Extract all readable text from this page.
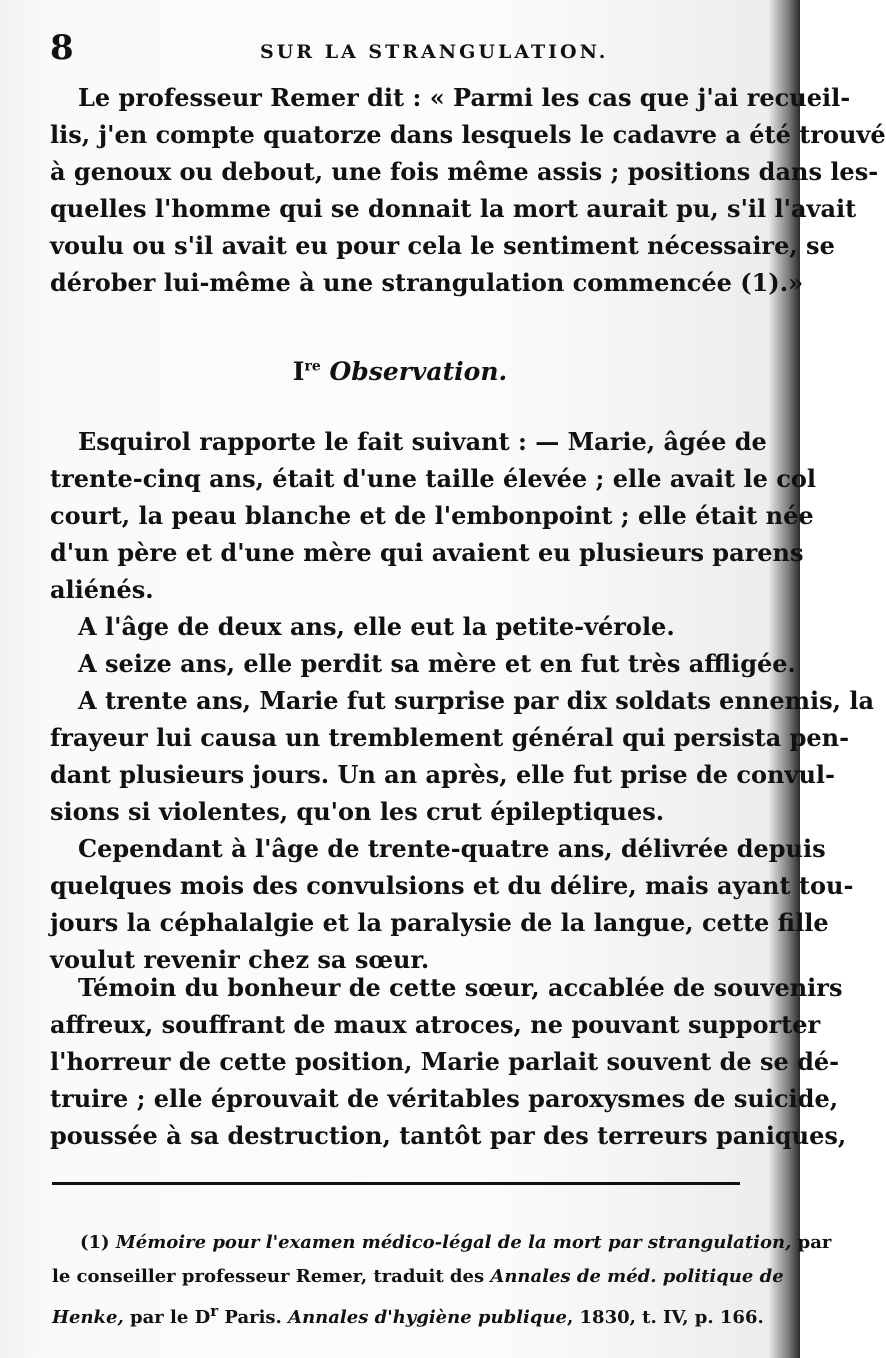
8	SUR LA STRANGULATION.
Le professeur Remer dit : « Parmi les cas que j'ai recueil-
lis, j'en compte quatorze dans lesquels le cadavre a été trouvé
à genoux ou debout, une fois même assis ; positions dans les-
quelles l'homme qui se donnait la mort aurait pu, s'il l'avait
voulu ou s'il avait eu pour cela le sentiment nécessaire, se
dérober lui-même à une strangulation commencée (1).»
Ire Observation.
Esquirol rapporte le fait suivant : — Marie, âgée de
trente-cinq ans, était d'une taille élevée ; elle avait le col
court, la peau blanche et de l'embonpoint ; elle était née
d'un père et d'une mère qui avaient eu plusieurs parens
aliénés.
A l'âge de deux ans, elle eut la petite-vérole.
A seize ans, elle perdit sa mère et en fut très affligée.
A trente ans, Marie fut surprise par dix soldats ennemis, la
frayeur lui causa un tremblement général qui persista pen-
dant plusieurs jours. Un an après, elle fut prise de convul-
sions si violentes, qu'on les crut épileptiques.
Cependant à l'âge de trente-quatre ans, délivrée depuis
quelques mois des convulsions et du délire, mais ayant tou-
jours la céphalalgie et la paralysie de la langue, cette fille
voulut revenir chez sa sœur.
Témoin du bonheur de cette sœur, accablée de souvenirs
affreux, souffrant de maux atroces, ne pouvant supporter
l'horreur de cette position, Marie parlait souvent de se dé-
truire ; elle éprouvait de véritables paroxysmes de suicide,
poussée à sa destruction, tantôt par des terreurs paniques,
(1) Mémoire pour l'examen médico-légal de la mort par strangulation, par
le conseiller professeur Remer, traduit des Annales de méd. politique de
Henke, par le $D^r$ Paris. Annales d'hygiène publique, 1830, t. IV, p. 166.
